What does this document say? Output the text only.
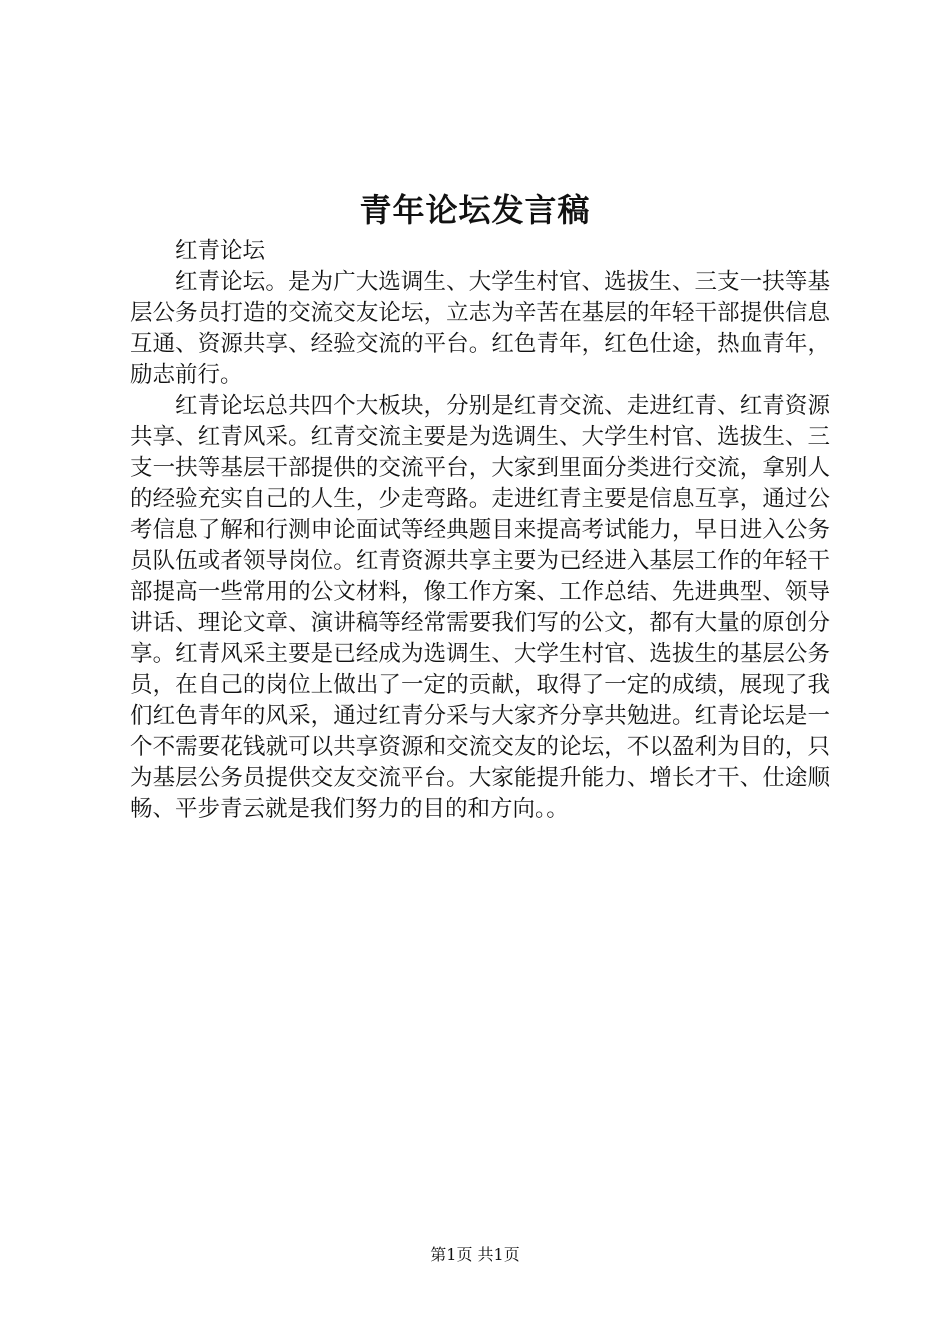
青年论坛发言稿

红青论坛

红青论坛。是为广大选调生、大学生村官、选拔生、三支一扶等基层公务员打造的交流交友论坛，立志为辛苦在基层的年轻干部提供信息互通、资源共享、经验交流的平台。红色青年，红色仕途，热血青年，励志前行。

红青论坛总共四个大板块，分别是红青交流、走进红青、红青资源共享、红青风采。红青交流主要是为选调生、大学生村官、选拔生、三支一扶等基层干部提供的交流平台，大家到里面分类进行交流，拿别人的经验充实自己的人生，少走弯路。走进红青主要是信息互享，通过公考信息了解和行测申论面试等经典题目来提高考试能力，早日进入公务员队伍或者领导岗位。红青资源共享主要为已经进入基层工作的年轻干部提高一些常用的公文材料，像工作方案、工作总结、先进典型、领导讲话、理论文章、演讲稿等经常需要我们写的公文，都有大量的原创分享。红青风采主要是已经成为选调生、大学生村官、选拔生的基层公务员，在自己的岗位上做出了一定的贡献，取得了一定的成绩，展现了我们红色青年的风采，通过红青分采与大家齐分享共勉进。红青论坛是一个不需要花钱就可以共享资源和交流交友的论坛，不以盈利为目的，只为基层公务员提供交友交流平台。大家能提升能力、增长才干、仕途顺畅、平步青云就是我们努力的目的和方向。。

第1页 共1页
